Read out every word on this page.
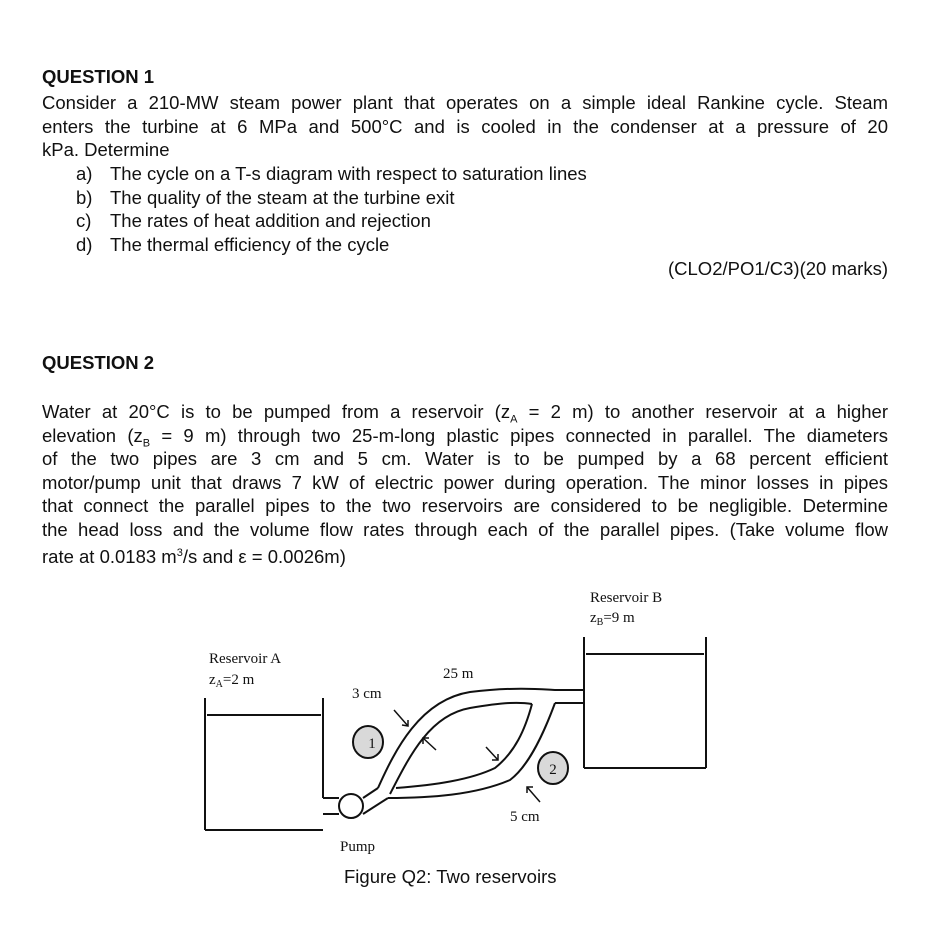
QUESTION 1
Consider a 210-MW steam power plant that operates on a simple ideal Rankine cycle. Steam
enters the turbine at 6 MPa and 500°C and is cooled in the condenser at a pressure of 20
kPa. Determine
a) The cycle on a T-s diagram with respect to saturation lines
b) The quality of the steam at the turbine exit
c)	The rates of heat addition and rejection
d) The thermal efficiency of the cycle
(CLO2/PO1/C3)(20 marks)
QUESTION 2
Water at 20°C is to be pumped from a reservoir ($z_A = 2$ m) to another reservoir at a higher
elevation ($z_B = 9$ m) through two 25-m-long plastic pipes connected in parallel. The diameters
of the two pipes are 3 cm and 5 cm. Water is to be pumped by a 68 percent efficient
motor/pump unit that draws 7 kW of electric power during operation. The minor losses in pipes
that connect the parallel pipes to the two reservoirs are considered to be negligible. Determine
the head loss and the volume flow rates through each of the parallel pipes. (Take volume flow
rate at 0.0183 $m^3/s$ and ε = 0.0026m)
1
2
Reservoir A
$z_A=2$ m
Reservoir B
$z_B=9$ m
25 m
3 cm
5 cm
Pump
Figure Q2: Two reservoirs
